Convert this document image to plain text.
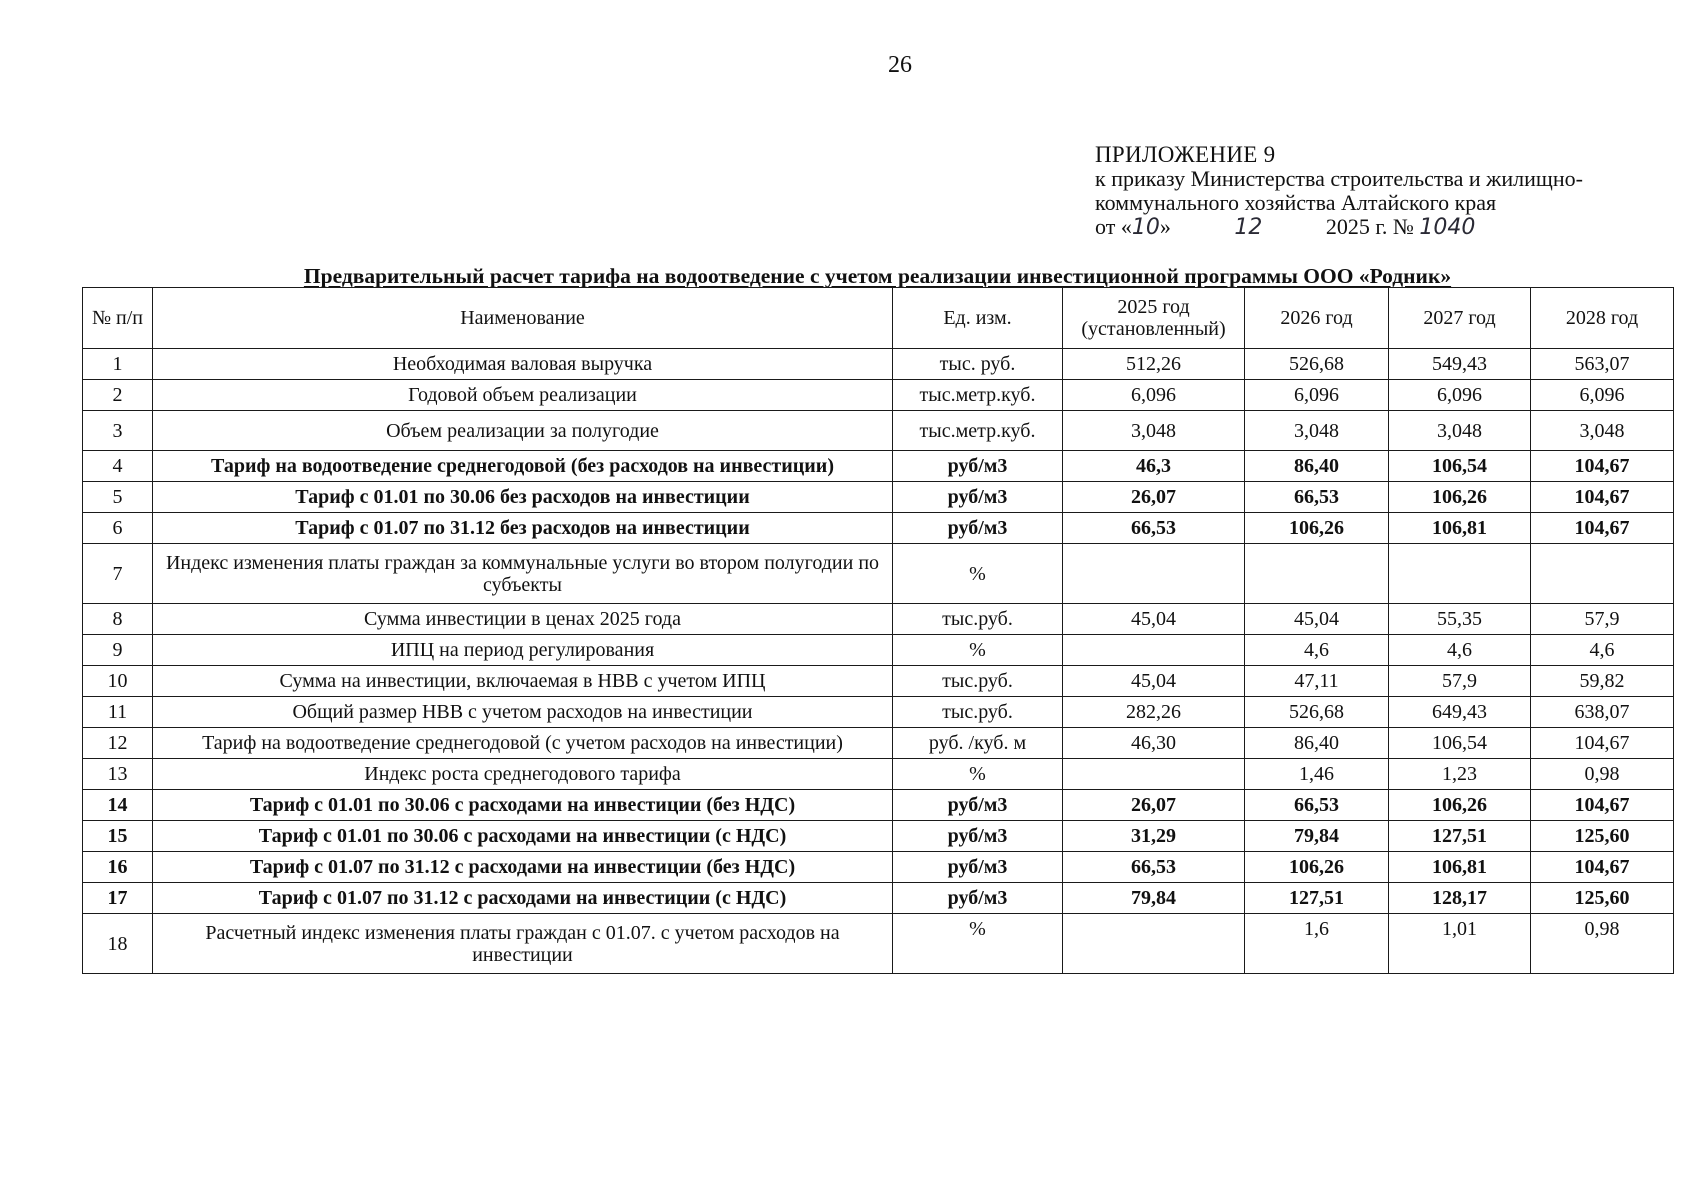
26
ПРИЛОЖЕНИЕ 9
к приказу Министерства строительства и жилищно-
коммунального хозяйства Алтайского края
от «10»	12	2025 г. № 1040
Предварительный расчет тарифа на водоотведение с учетом реализации инвестиционной программы ООО «Родник»
№ п/п	Наименование	Ед. изм.	2025 год (установленный)	2026 год	2027 год	2028 год
1	Необходимая валовая выручка	тыс. руб.	512,26	526,68	549,43	563,07
2	Годовой объем реализации	тыс.метр.куб.	6,096	6,096	6,096	6,096
3	Объем реализации за полугодие	тыс.метр.куб.	3,048	3,048	3,048	3,048
4	Тариф на водоотведение среднегодовой (без расходов на инвестиции)	руб/м3	46,3	86,40	106,54	104,67
5	Тариф с 01.01 по 30.06 без расходов на инвестиции	руб/м3	26,07	66,53	106,26	104,67
6	Тариф с 01.07 по 31.12 без расходов на инвестиции	руб/м3	66,53	106,26	106,81	104,67
7	Индекс изменения платы граждан за коммунальные услуги во втором полугодии по субъекты	%				
8	Сумма инвестиции в ценах 2025 года	тыс.руб.	45,04	45,04	55,35	57,9
9	ИПЦ на период регулирования	%		4,6	4,6	4,6
10	Сумма на инвестиции, включаемая в НВВ с учетом ИПЦ	тыс.руб.	45,04	47,11	57,9	59,82
11	Общий размер НВВ с учетом расходов на инвестиции	тыс.руб.	282,26	526,68	649,43	638,07
12	Тариф на водоотведение среднегодовой (с учетом расходов на инвестиции)	руб. /куб. м	46,30	86,40	106,54	104,67
13	Индекс роста среднегодового тарифа	%		1,46	1,23	0,98
14	Тариф с 01.01 по 30.06 с расходами на инвестиции (без НДС)	руб/м3	26,07	66,53	106,26	104,67
15	Тариф с 01.01 по 30.06 с расходами на инвестиции (с НДС)	руб/м3	31,29	79,84	127,51	125,60
16	Тариф с 01.07 по 31.12 с расходами на инвестиции (без НДС)	руб/м3	66,53	106,26	106,81	104,67
17	Тариф с 01.07 по 31.12 с расходами на инвестиции (с НДС)	руб/м3	79,84	127,51	128,17	125,60
18	Расчетный индекс изменения платы граждан с 01.07. с учетом расходов на инвестиции	%		1,6	1,01	0,98
